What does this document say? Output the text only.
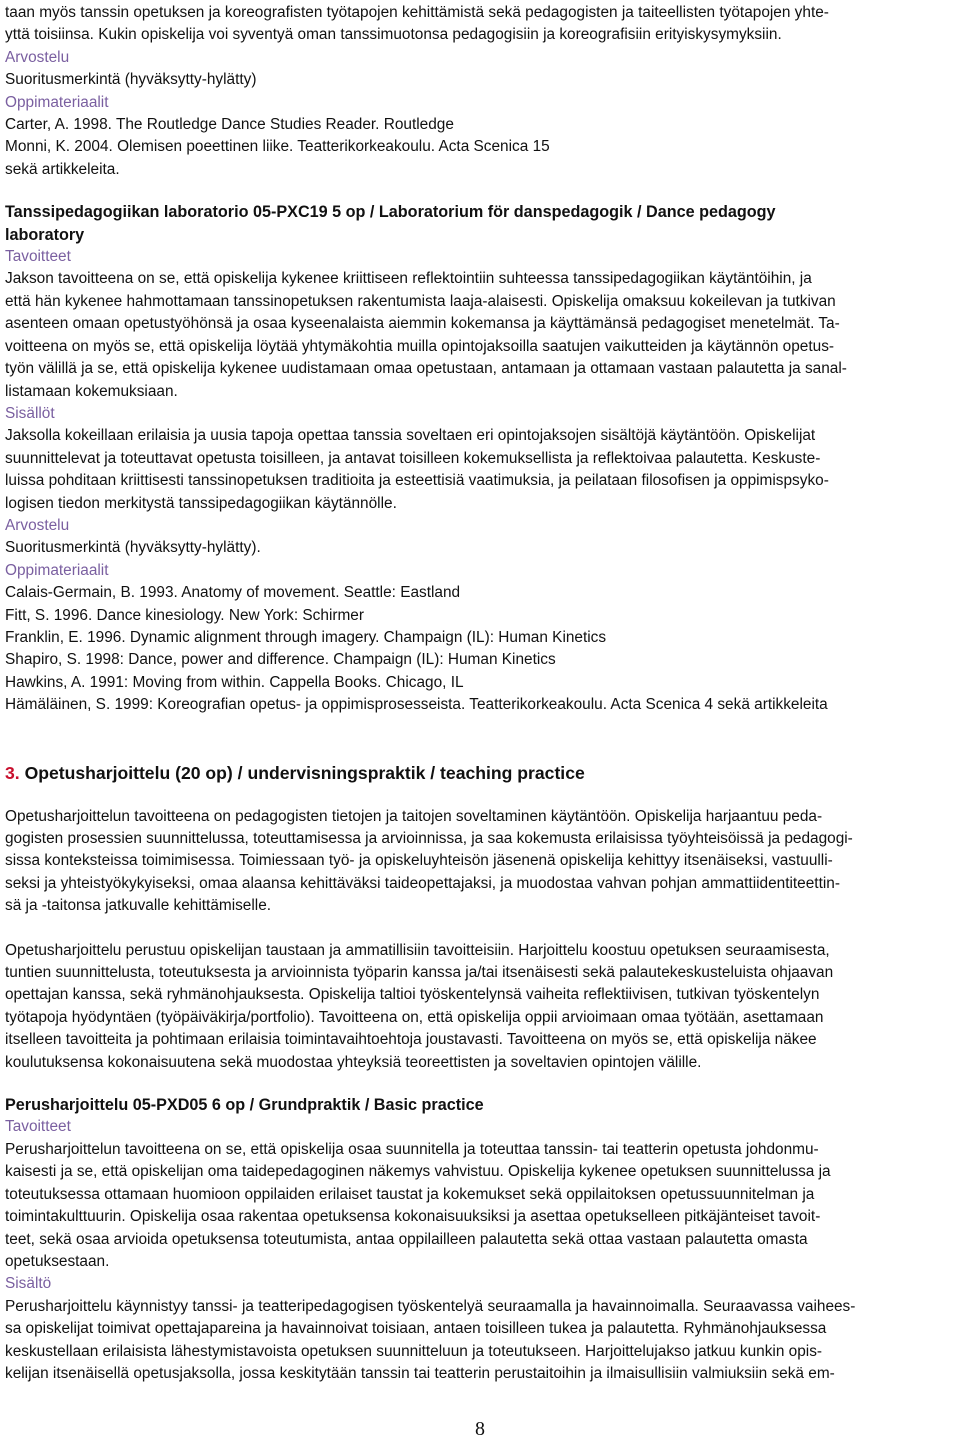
taan myös tanssin opetuksen ja koreografisten työtapojen kehittämistä sekä pedagogisten ja taiteellisten työtapojen yhte-
yttä toisiinsa. Kukin opiskelija voi syventyä oman tanssimuotonsa pedagogisiin ja koreografisiin erityiskysymyksiin.
Arvostelu
Suoritusmerkintä (hyväksytty-hylätty)
Oppimateriaalit
Carter, A. 1998. The Routledge Dance Studies Reader. Routledge
Monni, K. 2004. Olemisen poeettinen liike. Teatterikorkeakoulu. Acta Scenica 15
sekä artikkeleita.
Tanssipedagogiikan laboratorio 05-PXC19 5 op / Laboratorium för danspedagogik / Dance pedagogy
laboratory
Tavoitteet
Jakson tavoitteena on se, että opiskelija kykenee kriittiseen reflektointiin suhteessa tanssipedagogiikan käytäntöihin, ja
että hän kykenee hahmottamaan tanssinopetuksen rakentumista laaja-alaisesti. Opiskelija omaksuu kokeilevan ja tutkivan
asenteen omaan opetustyöhönsä ja osaa kyseenalaista aiemmin kokemansa ja käyttämänsä pedagogiset menetelmät. Ta-
voitteena on myös se, että opiskelija löytää yhtymäkohtia muilla opintojaksoilla saatujen vaikutteiden ja käytännön opetus-
työn välillä ja se, että opiskelija kykenee uudistamaan omaa opetustaan, antamaan ja ottamaan vastaan palautetta ja sanal-
listamaan kokemuksiaan.
Sisällöt
Jaksolla kokeillaan erilaisia ja uusia tapoja opettaa tanssia soveltaen eri opintojaksojen sisältöjä käytäntöön. Opiskelijat
suunnittelevat ja toteuttavat opetusta toisilleen, ja antavat toisilleen kokemuksellista ja reflektoivaa palautetta. Keskuste-
luissa pohditaan kriittisesti tanssinopetuksen traditioita ja esteettisiä vaatimuksia, ja peilataan filosofisen ja oppimispsyko-
logisen tiedon merkitystä tanssipedagogiikan käytännölle.
Arvostelu
Suoritusmerkintä (hyväksytty-hylätty).
Oppimateriaalit
Calais-Germain, B. 1993. Anatomy of movement. Seattle: Eastland
Fitt, S. 1996. Dance kinesiology. New York: Schirmer
Franklin, E. 1996. Dynamic alignment through imagery. Champaign (IL): Human Kinetics
Shapiro, S. 1998: Dance, power and difference. Champaign (IL): Human Kinetics
Hawkins, A. 1991: Moving from within. Cappella Books. Chicago, IL
Hämäläinen, S. 1999: Koreografian opetus- ja oppimisprosesseista. Teatterikorkeakoulu. Acta Scenica 4 sekä artikkeleita
3. Opetusharjoittelu (20 op) / undervisningspraktik / teaching practice
Opetusharjoittelun tavoitteena on pedagogisten tietojen ja taitojen soveltaminen käytäntöön. Opiskelija harjaantuu peda-
gogisten prosessien suunnittelussa, toteuttamisessa ja arvioinnissa, ja saa kokemusta erilaisissa työyhteisöissä ja pedagogi-
sissa konteksteissa toimimisessa. Toimiessaan työ- ja opiskeluyhteisön jäsenenä opiskelija kehittyy itsenäiseksi, vastuulli-
seksi ja yhteistyökykyiseksi, omaa alaansa kehittäväksi taideopettajaksi, ja muodostaa vahvan pohjan ammattiidentiteettin-
sä ja -taitonsa jatkuvalle kehittämiselle.
Opetusharjoittelu perustuu opiskelijan taustaan ja ammatillisiin tavoitteisiin. Harjoittelu koostuu opetuksen seuraamisesta,
tuntien suunnittelusta, toteutuksesta ja arvioinnista työparin kanssa ja/tai itsenäisesti sekä palautekeskusteluista ohjaavan
opettajan kanssa, sekä ryhmänohjauksesta. Opiskelija taltioi työskentelynsä vaiheita reflektiivisen, tutkivan työskentelyn
työtapoja hyödyntäen (työpäiväkirja/portfolio). Tavoitteena on, että opiskelija oppii arvioimaan omaa työtään, asettamaan
itselleen tavoitteita ja pohtimaan erilaisia toimintavaihtoehtoja joustavasti. Tavoitteena on myös se, että opiskelija näkee
koulutuksensa kokonaisuutena sekä muodostaa yhteyksiä teoreettisten ja soveltavien opintojen välille.
Perusharjoittelu 05-PXD05 6 op / Grundpraktik / Basic practice
Tavoitteet
Perusharjoittelun tavoitteena on se, että opiskelija osaa suunnitella ja toteuttaa tanssin- tai teatterin opetusta johdonmu-
kaisesti ja se, että opiskelijan oma taidepedagoginen näkemys vahvistuu. Opiskelija kykenee opetuksen suunnittelussa ja
toteutuksessa ottamaan huomioon oppilaiden erilaiset taustat ja kokemukset sekä oppilaitoksen opetussuunnitelman ja
toimintakulttuurin. Opiskelija osaa rakentaa opetuksensa kokonaisuuksiksi ja asettaa opetukselleen pitkäjänteiset tavoit-
teet, sekä osaa arvioida opetuksensa toteutumista, antaa oppilailleen palautetta sekä ottaa vastaan palautetta omasta
opetuksestaan.
Sisältö
Perusharjoittelu käynnistyy tanssi- ja teatteripedagogisen työskentelyä seuraamalla ja havainnoimalla. Seuraavassa vaihees-
sa opiskelijat toimivat opettajapareina ja havainnoivat toisiaan, antaen toisilleen tukea ja palautetta. Ryhmänohjauksessa
keskustellaan erilaisista lähestymistavoista opetuksen suunnitteluun ja toteutukseen. Harjoittelujakso jatkuu kunkin opis-
kelijan itsenäisellä opetusjaksolla, jossa keskitytään tanssin tai teatterin perustaitoihin ja ilmaisullisiin valmiuksiin sekä em-
8
